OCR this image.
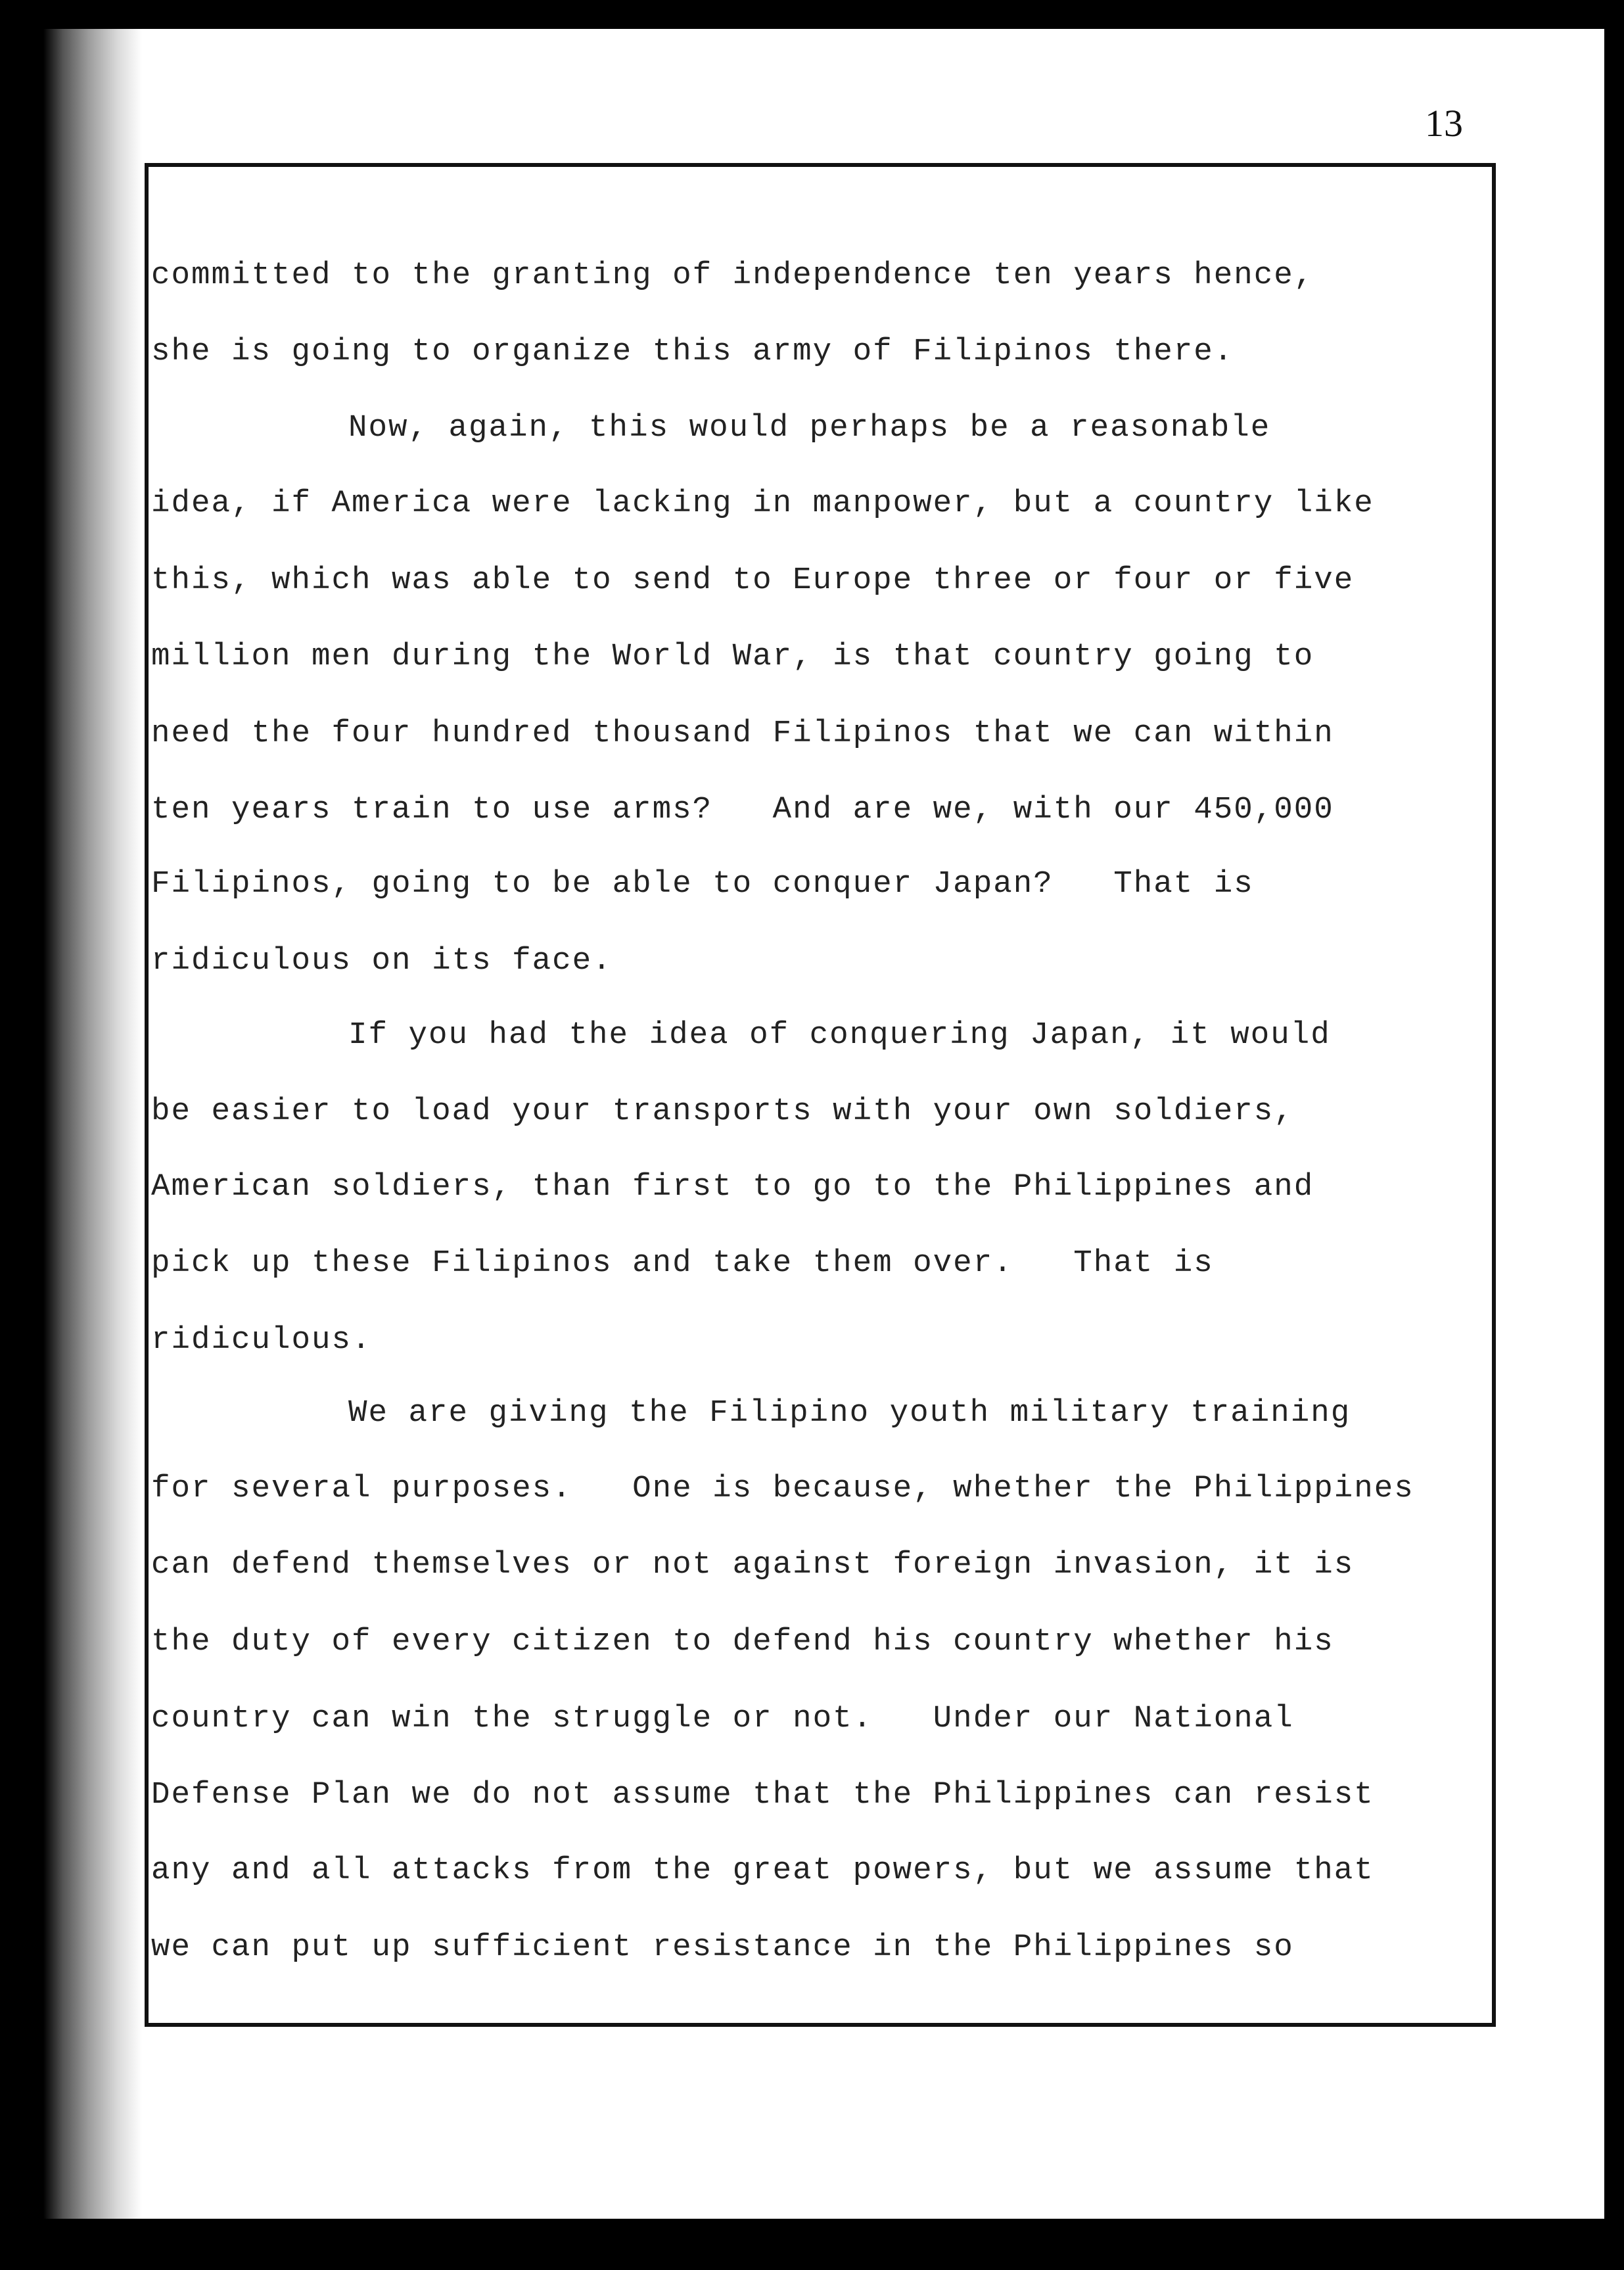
13

committed to the granting of independence ten years hence,

she is going to organize this army of Filipinos there.

Now, again, this would perhaps be a reasonable

idea, if America were lacking in manpower, but a country like

this, which was able to send to Europe three or four or five

million men during the World War, is that country going to

need the four hundred thousand Filipinos that we can within

ten years train to use arms?   And are we, with our 450,000

Filipinos, going to be able to conquer Japan?   That is

ridiculous on its face.

If you had the idea of conquering Japan, it would

be easier to load your transports with your own soldiers,

American soldiers, than first to go to the Philippines and

pick up these Filipinos and take them over.   That is

ridiculous.

We are giving the Filipino youth military training

for several purposes.   One is because, whether the Philippines

can defend themselves or not against foreign invasion, it is

the duty of every citizen to defend his country whether his

country can win the struggle or not.   Under our National

Defense Plan we do not assume that the Philippines can resist

any and all attacks from the great powers, but we assume that

we can put up sufficient resistance in the Philippines so
